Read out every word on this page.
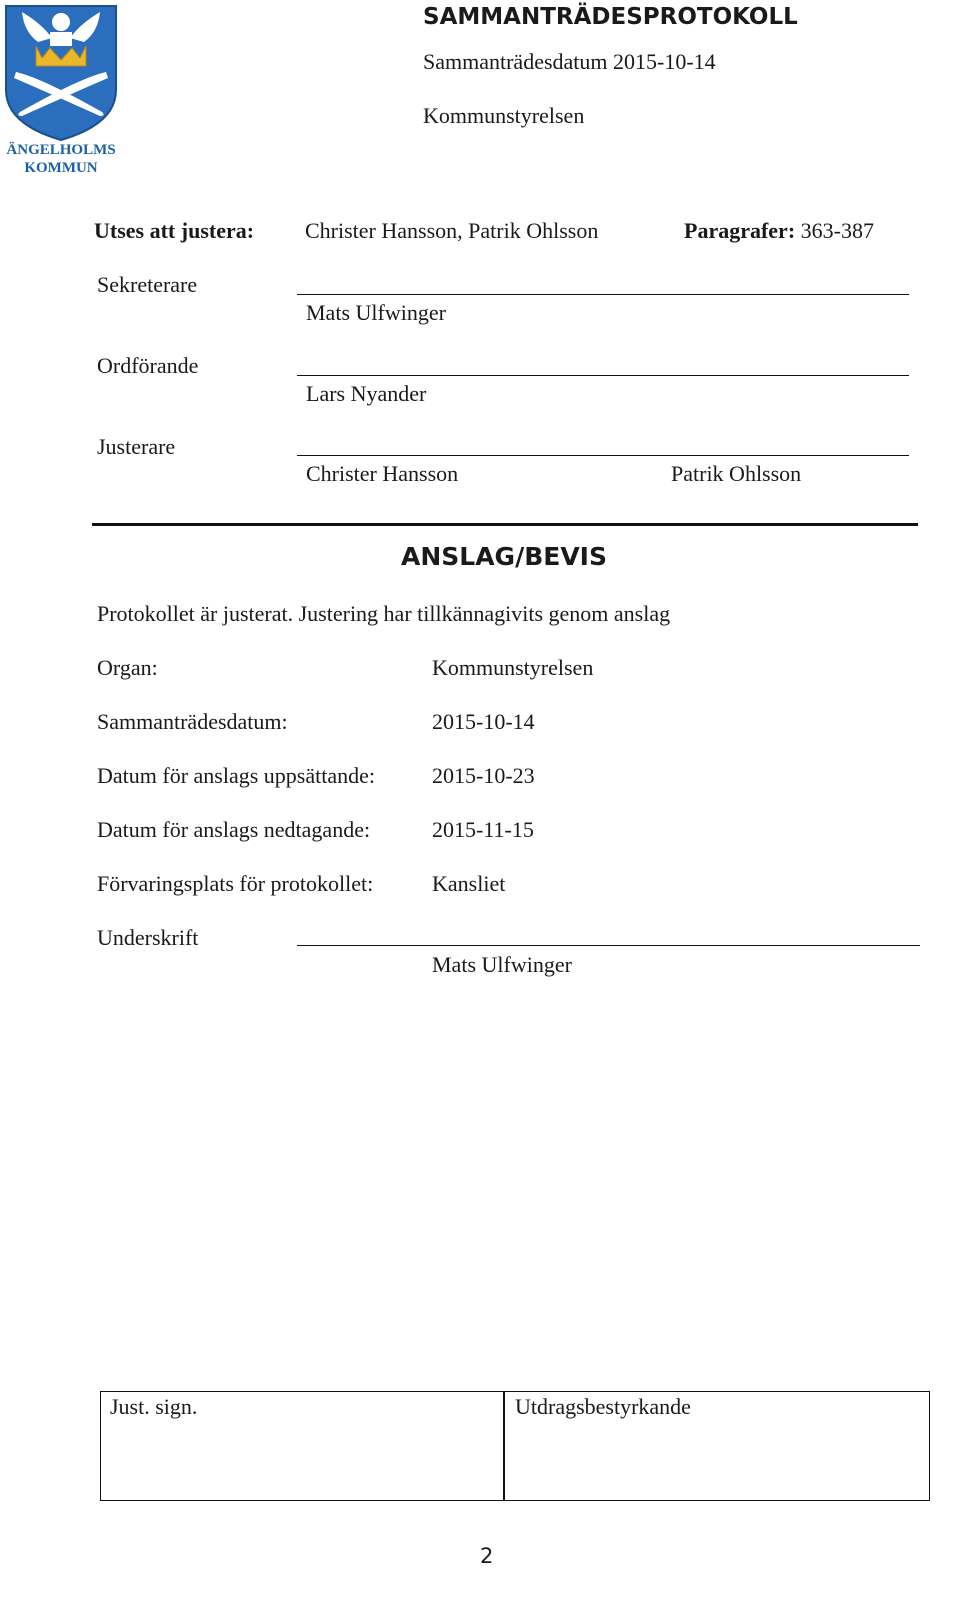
ÄNGELHOLMS
KOMMUN
SAMMANTRÄDESPROTOKOLL
Sammanträdesdatum 2015-10-14
Kommunstyrelsen
Utses att justera: Christer Hansson, Patrik Ohlsson	Paragrafer: 363-387
Sekreterare
Mats Ulfwinger
Ordförande
Lars Nyander
Justerare
Christer Hansson	Patrik Ohlsson
ANSLAG/BEVIS
Protokollet är justerat. Justering har tillkännagivits genom anslag
Organ:	Kommunstyrelsen
Sammanträdesdatum:	2015-10-14
Datum för anslags uppsättande:	2015-10-23
Datum för anslags nedtagande:	2015-11-15
Förvaringsplats för protokollet:	Kansliet
Underskrift
Mats Ulfwinger
Just. sign.	Utdragsbestyrkande
2
